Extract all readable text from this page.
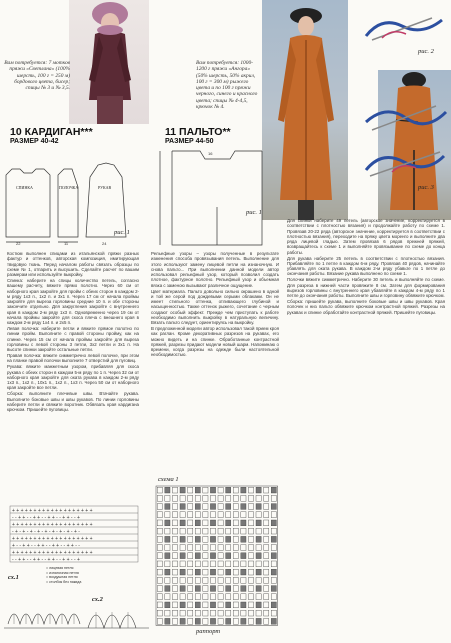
Вам потребуется: 7 мотков пряжи «Светлана» (100% шерсть, 100 г = 250 м) бордового цвета, бисер; спицы № 3 и № 3,5.
Вам потребуется: 1000-1200 г пряжи «Ангора» (50% шерсть, 50% акрил, 100 г = 300 м) рыжего цвета и по 100 г пряжи черного, синего и красного цвета; спицы № 4-4,5, крючок № 4.
10 КАРДИГАН***
РАЗМЕР 40-42
11 ПАЛЬТО**
РАЗМЕР 44-50
22	11	24
СПИНКА	ПОЛОЧКА	РУКАВ
рис. 1
16
рис. 1

Костюм выполнен спицами из итальянской пряжи разных фактур и оттенков, авторская композиция, имитирующая твидовую ткань. Перед началом работы связать образцы по схеме № 1, отпарить и высушить. Сделайте расчет по вашим размерам или используйте выкройку.

Спинка: наберите на спицы количество петель, согласно вашему расчету, вяжите прямо полотно. Через 60 см от наборного края закройте для пройм с обеих сторон в каждом 2-м ряду 1х3 п., 1х2 п. и 3х1 п. Через 17 см от начала проймы закройте для выреза горловины средние 10 п. и обе стороны закончите отдельно. Для закругления закройте с внутреннего края в каждом 2-м ряду 1х3 п. Одновременно через 19 см от начала проймы закройте для скоса плеча с внешнего края в каждом 2-м ряду 1х4 п. и 2х5 п.

Левая полочка: наберите петли и вяжите прямое полотно по линии пройм. Выполните с правой стороны пройму, как на спинке. Через 15 см от начала проймы закройте для выреза горловины с левой стороны 3 петли, 3х2 петли и 3х1 п. На высоте спинки закройте остальные петли.

Правая полочка: вяжите симметрично левой полочке, при этом на планке правой полочки выполните 7 отверстий для пуговиц.

Рукава: вяжите манжетным узором, прибавляя для скоса рукава с обеих сторон в каждом 5-м ряду по 1 п. Через 32 см от наборного края закройте для оката рукава в каждом 2-м ряду 1х3 п., 1х2 п., 10х1 п., 1х2 п., 1х3 п. Через 50 см от наборного края закройте все петли.

Сборка: выполните плечевые швы. Втачайте рукава. Выполните боковые швы и швы рукавов. По линии горловины наберите петли и свяжите воротник. Обвязать края кардигана крючком. Пришейте пуговицы.

+ + + + + + + + + + + + + + + + + + +
- - + + - - + + - - + + - - + + - - +
+ + + + + + + + + + + + + + + + + + +
- + - + - + - + - + - + - + - + - + -
+ + + + + + + + + + + + + + + + + + +
+ - - + + - - + + - - + + - - + + - -
+ + + + + + + + + + + + + + + + + + +
- - + + - - + + - - + + - - + + - - +
= лицевая петля
= изнаночная петля
= воздушная петля
= столбик без накида
сх.1
сх.2

Рельефные узоры – узоры полученные в результате изменения способа провязывания петель. Выполнение для этого используют замену лицевой петли на изнаночную. И снова пальто... При выполнении данной модели автор использовал рельефный узор, который позволил создать плотное, фактурное полотно. Рельефный узор и объемная вязка с заменою вызывают различное ощущение.

Цвет материала. Пальто довольно сильно окрашено в одной и той же серой под дождевыми серыми облаками. Он не имеет стильного оттенка, отливающего глубиной и насыщенностью. Также оттенок рыжего, сочетание с черным создают особый эффект. Прежде чем приступать к работе необходимо выполнить выкройку в натуральную величину. Вязать пальто следует, ориентируясь на выкройку.

В предложенной модели автор использовал такой прием кроя как раглан. Кроме декоративных разрезов на рукавах, его можно видеть и на спинке. Обработанные контрастной пряжей, разрезы придают модели новый шарм. Напоминаю о времени, когда разрезы на одежде были настоятельной необходимостью.

схема 1
раппорт

Для спинки наберите 49 петель (авторское значение, корректируется в соответствии с плотностью вязания) и продолжайте работу по схеме 1. Провязав 20-22 ряда (авторское значение, корректируется в соответствии с плотностью вязания), переходите на пряжу цвета моренго и выполните два ряда лицевой гладью. Затем провязав 6 рядов прежней пряжей, возвращайтесь к схеме 1 и выполняйте провязывание по схеме до конца работы.

Для рукава наберите 25 петель в соответствии с плотностью вязания. Прибавляйте по 1 петле в каждом 6-м ряду. Провязав 40 рядов, начинайте убавлять для оката рукава. В каждом 2-м ряду убавьте по 1 петле до окончания работы. Вязание рукава выполнено по схеме 1.

Полочки вяжите симметрично. Наберите 30 петель и выполняйте по схеме. Для разреза в нижней части провяжите 8 см. Затем для формирования вырезов горловины с внутреннего края убавляйте в каждом 4-м ряду по 1 петле до окончания работы. Выполните швы и горловину обвяжите крючком.

Сборка: пришейте рукава, выполните боковые швы и швы рукавов. Края полочек и низ пальто обвяжите крючком контрастной пряжей. Разрезы на рукавах и спинке обработайте контрастной пряжей. Пришейте пуговицы.

рис. 2
рис. 3
